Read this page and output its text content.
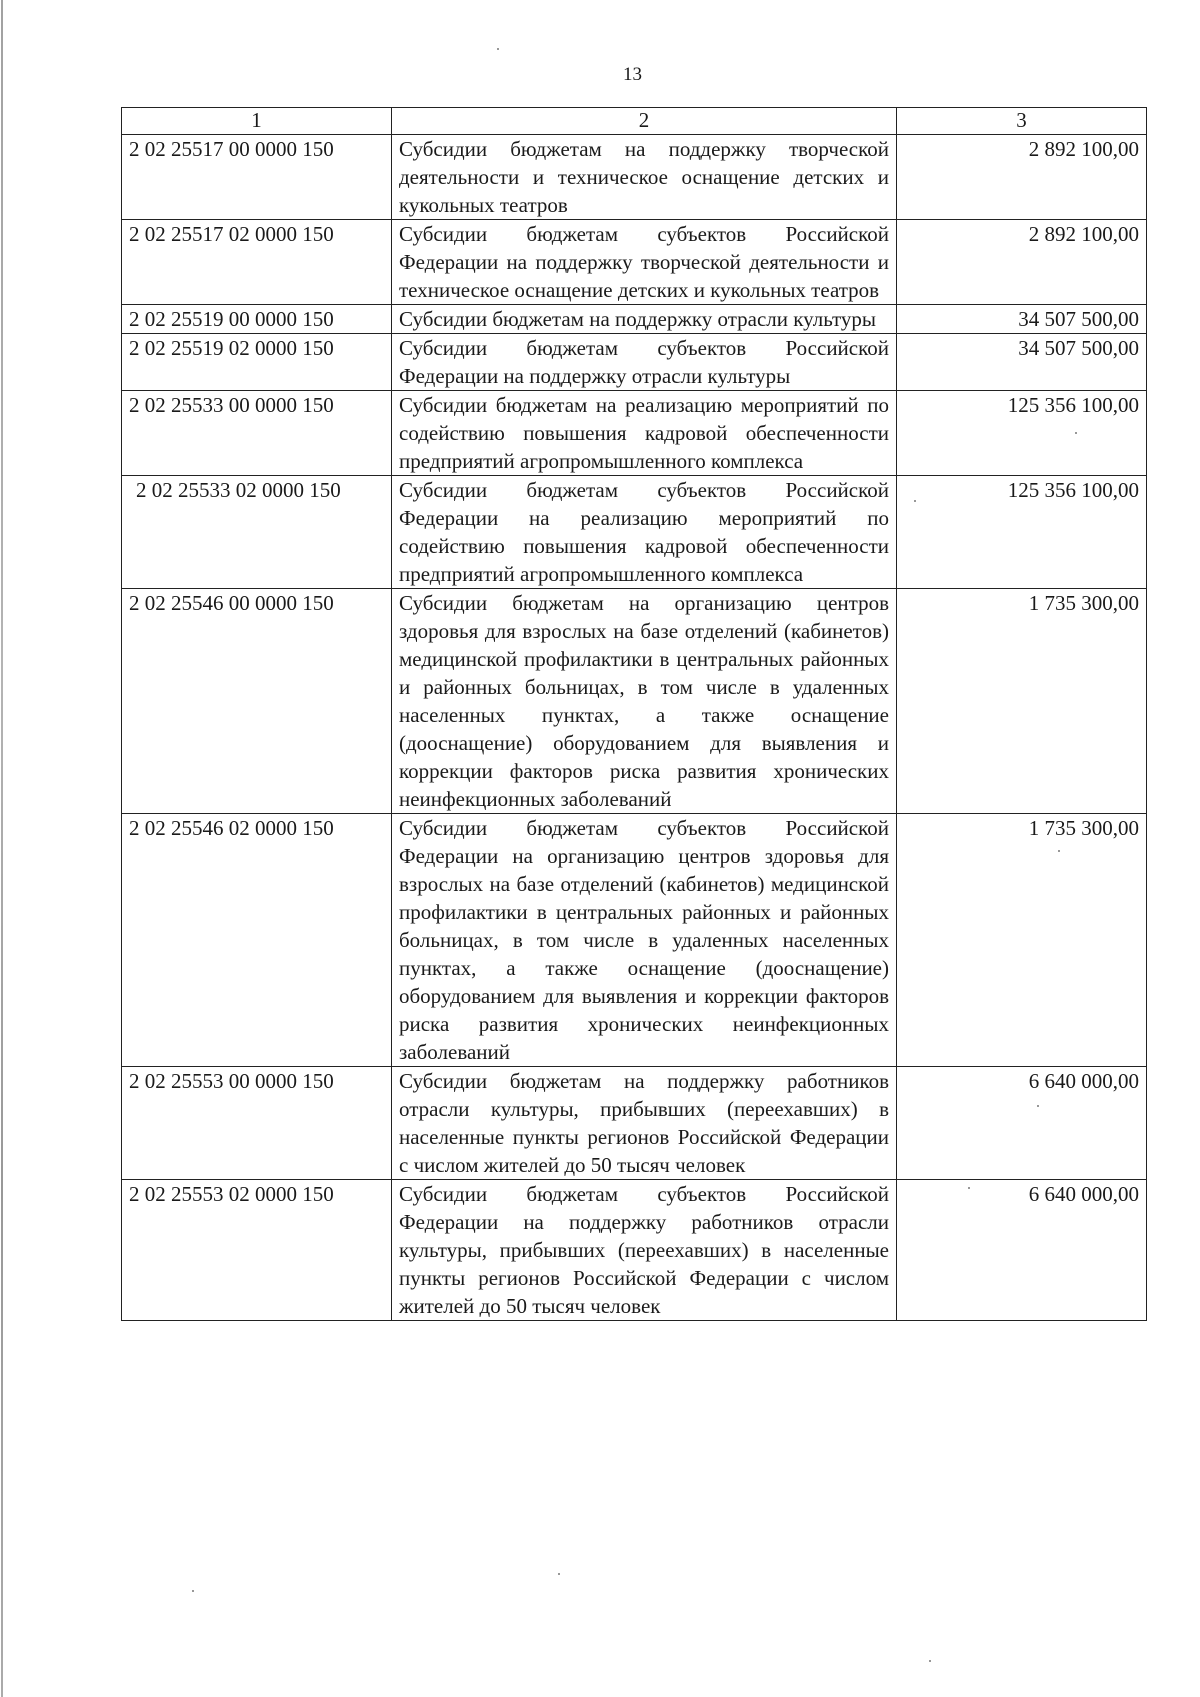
13
1	2	3
2 02 25517 00 0000 150	Субсидии бюджетам на поддержку творческой деятельности и техническое оснащение детских и кукольных театров	2 892 100,00
2 02 25517 02 0000 150	Субсидии бюджетам субъектов Российской Федерации на поддержку творческой деятельности и техническое оснащение детских и кукольных театров	2 892 100,00
2 02 25519 00 0000 150	Субсидии бюджетам на поддержку отрасли культуры	34 507 500,00
2 02 25519 02 0000 150	Субсидии бюджетам субъектов Российской Федерации на поддержку отрасли культуры	34 507 500,00
2 02 25533 00 0000 150	Субсидии бюджетам на реализацию мероприятий по содействию повышения кадровой обеспеченности предприятий агропромышленного комплекса	125 356 100,00
2 02 25533 02 0000 150	Субсидии бюджетам субъектов Российской Федерации на реализацию мероприятий по содействию повышения кадровой обеспеченности предприятий агропромышленного комплекса	125 356 100,00
2 02 25546 00 0000 150	Субсидии бюджетам на организацию центров здоровья для взрослых на базе отделений (кабинетов) медицинской профилактики в центральных районных и районных больницах, в том числе в удаленных населенных пунктах, а также оснащение (дооснащение) оборудованием для выявления и коррекции факторов риска развития хронических неинфекционных заболеваний	1 735 300,00
2 02 25546 02 0000 150	Субсидии бюджетам субъектов Российской Федерации на организацию центров здоровья для взрослых на базе отделений (кабинетов) медицинской профилактики в центральных районных и районных больницах, в том числе в удаленных населенных пунктах, а также оснащение (дооснащение) оборудованием для выявления и коррекции факторов риска развития хронических неинфекционных заболеваний	1 735 300,00
2 02 25553 00 0000 150	Субсидии бюджетам на поддержку работников отрасли культуры, прибывших (переехавших) в населенные пункты регионов Российской Федерации с числом жителей до 50 тысяч человек	6 640 000,00
2 02 25553 02 0000 150	Субсидии бюджетам субъектов Российской Федерации на поддержку работников отрасли культуры, прибывших (переехавших) в населенные пункты регионов Российской Федерации с числом жителей до 50 тысяч человек	6 640 000,00
